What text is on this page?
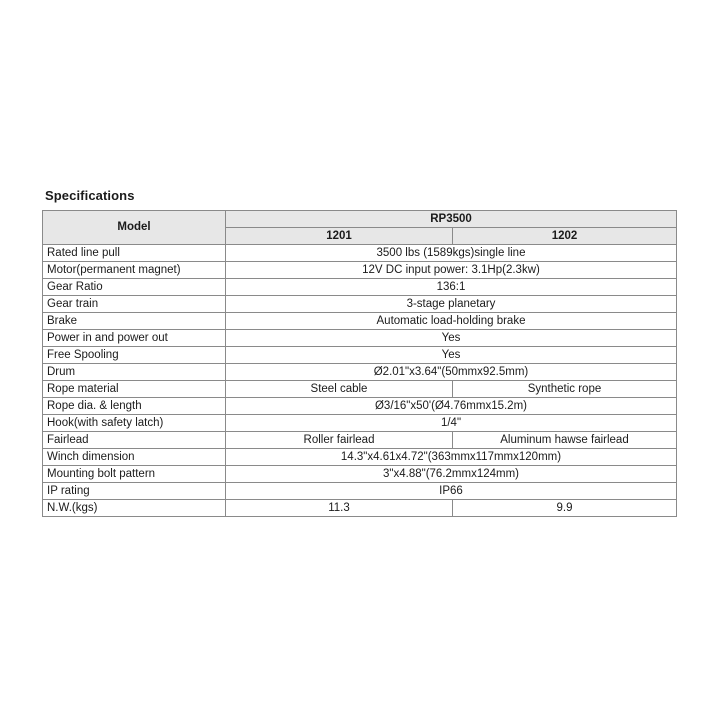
Specifications
Model	RP3500	
	1201	1202
Rated line pull	3500 lbs (1589kgs)single line	
Motor(permanent magnet)	12V DC input power: 3.1Hp(2.3kw)	
Gear Ratio	136:1	
Gear train	3-stage planetary	
Brake	Automatic load-holding brake	
Power in and power out	Yes	
Free Spooling	Yes	
Drum	Ø2.01"x3.64"(50mmx92.5mm)	
Rope material	Steel cable	Synthetic rope
Rope dia. & length	Ø3/16"x50'(Ø4.76mmx15.2m)	
Hook(with safety latch)	1/4"	
Fairlead	Roller fairlead	Aluminum hawse fairlead
Winch dimension	14.3"x4.61x4.72"(363mmx117mmx120mm)	
Mounting bolt pattern	3"x4.88"(76.2mmx124mm)	
IP rating	IP66	
N.W.(kgs)	11.3	9.9
